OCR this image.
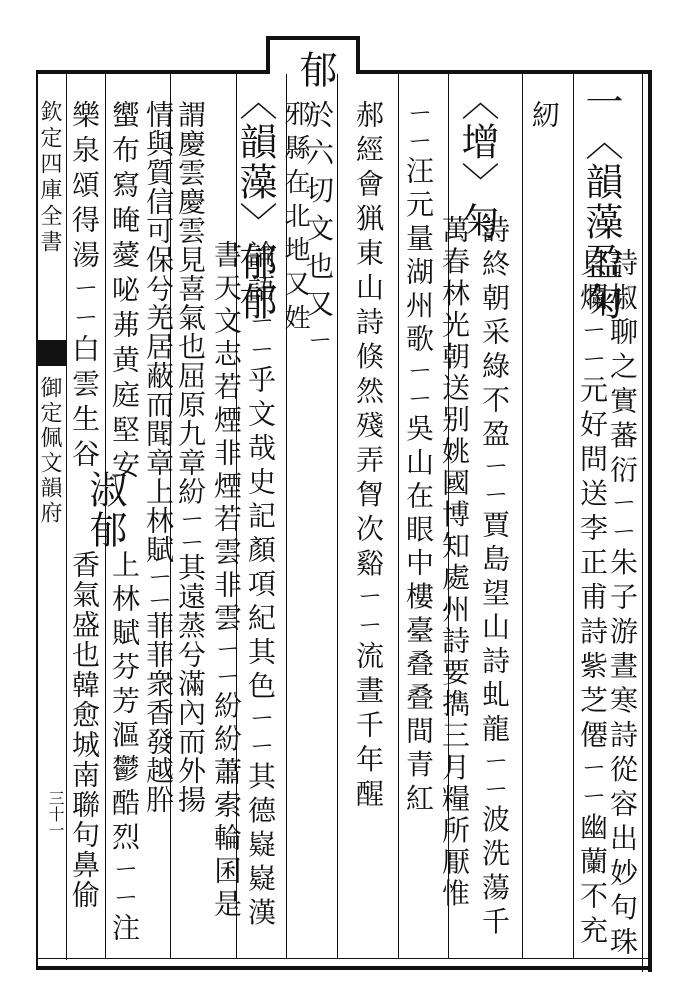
欽定四庫全書
御定佩文韻府
三十一
郁
一〈韻藻盈匊
詩椒聊之實蕃衍ㄧㄧ朱子游晝寒詩從容出妙句珠
貝爛ㄧㄧ元好問送李正甫詩紫芝僊ㄧㄧ幽蘭不充
紉
〈增〉匊
詩終朝采綠不盈ㄧㄧ賈島望山詩虬龍ㄧㄧ波洗蕩千
萬春林光朝送别姚國博知處州詩要擕三月糧所厭惟
ㄧㄧ汪元量湖州歌ㄧㄧ吳山在眼中樓臺叠叠間青紅
郝經會猟東山詩倏然殘弄胷次谿ㄧㄧ流晝千年醒
於六切文也又ㄧ
邪縣在北地又姓
〈韻藻〉郁郁
論語ㄧㄧ乎文哉史記顏項紀其色ㄧㄧ其德嶷嶷漢
書天文志若煙非煙若雲非雲ㄧㄧ紛紛蕭索輪囷是
謂慶雲慶雲見喜氣也屈原九章紛ㄧㄧ其遠蒸兮滿內而外揚
情與質信可保兮羌居蔽而聞章上林賦ㄧㄧ菲菲衆香發越肸
蠁布寫晻薆咇茀黄庭堅安
樂泉頌得湯ㄧㄧ白雲生谷
淑郁
上林賦芬芳漚鬱酷烈ㄧㄧ注
香氣盛也韓愈城南聯句鼻偷
